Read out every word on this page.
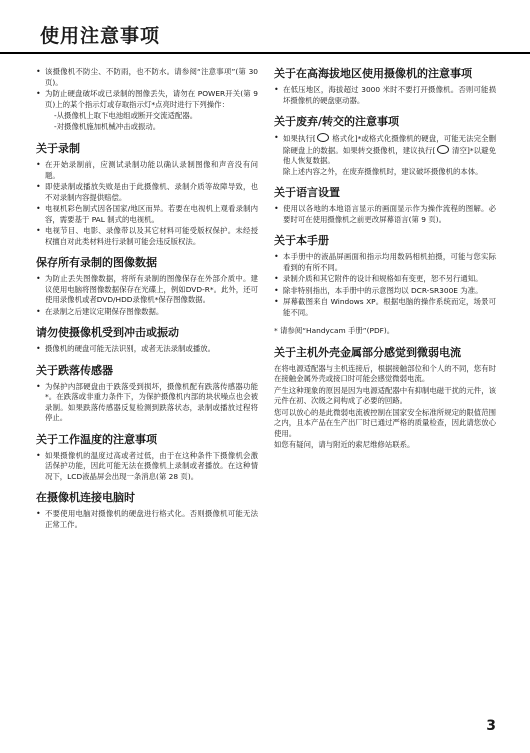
使用注意事项
• 该摄像机不防尘、不防雨，也不防水。请参阅“注意事项”(第 30 页)。
• 为防止硬盘破坏或已录制的图像丢失，请勿在 POWER开关(第 9 页)上的某个指示灯或存取指示灯*点亮时进行下列操作：

-从摄像机上取下电池组或断开交流适配器。

-对摄像机施加机械冲击或振动。

关于录制
• 在开始录制前，应测试录制功能以确认录制图像和声音没有问题。
• 即使录制或播放失败是由于此摄像机、录制介质等故障导致，也不对录制内容提供赔偿。
• 电视机彩色制式因各国家/地区而异。若要在电视机上观看录制内容，需要基于 PAL 制式的电视机。
• 电视节目、电影、录像带以及其它材料可能受版权保护。未经授权擅自对此类材料进行录制可能会违反版权法。
保存所有录制的图像数据
• 为防止丢失图像数据，将所有录制的图像保存在外部介质中。建议使用电脑将图像数据保存在光碟上，例如DVD-R*。此外，还可使用录像机或者DVD/HDD录像机*保存图像数据。
• 在录制之后建议定期保存图像数据。
请勿使摄像机受到冲击或振动
• 摄像机的硬盘可能无法识别，或者无法录制或播放。
关于跌落传感器
• 为保护内部硬盘由于跌落受到损坏，摄像机配有跌落传感器功能*。在跌落或非重力条件下，为保护摄像机内部的块状噪点也会被录制。如果跌落传感器反复检测到跌落状态，录制或播放过程将停止。
关于工作温度的注意事项
• 如果摄像机的温度过高或者过低，由于在这种条件下摄像机会激活保护功能，因此可能无法在摄像机上录制或者播放。在这种情况下，LCD液晶屏会出现一条消息(第 28 页)。
在摄像机连接电脑时
• 不要使用电脑对摄像机的硬盘进行格式化。否则摄像机可能无法正常工作。
关于在高海拔地区使用摄像机的注意事项
• 在低压地区，海拔超过 3000 米时不要打开摄像机。否则可能损坏摄像机的硬盘驱动器。
关于废弃/转交的注意事项
• 如果执行[ 格式化]*或格式化摄像机的硬盘，可能无法完全删除硬盘上的数据。如果转交摄像机，建议执行[ 清空]*以避免他人恢复数据。
除上述内容之外，在废弃摄像机时，建议破坏摄像机的本体。
关于语言设置
• 使用以各地的本地语言显示的画面显示作为操作流程的图解。必要时可在使用摄像机之前更改屏幕语言(第 9 页)。
关于本手册
• 本手册中的液晶屏画面和指示均用数码相机拍摄，可能与您实际看到的有所不同。
• 录制介质和其它附件的设计和规格如有变更，恕不另行通知。
• 除非特别指出，本手册中的示意图均以 DCR-SR300E 为准。
• 屏幕截图来自 Windows XP。根据电脑的操作系统而定，场景可能不同。

* 请参阅“Handycam 手册”(PDF)。

关于主机外壳金属部分感觉到微弱电流

在将电源适配器与主机连接后，根据接触部位和个人的不同，您有时在接触金属外壳或接口时可能会感觉微弱电流。

产生这种现象的原因是因为电源适配器中有抑制电磁干扰的元件，该元件在初、次级之间构成了必要的回路。

您可以放心的是此微弱电流被控制在国家安全标准所规定的限值范围之内，且本产品在生产出厂时已通过严格的质量检查，因此请您放心使用。

如您有疑问，请与附近的索尼维修站联系。

3
